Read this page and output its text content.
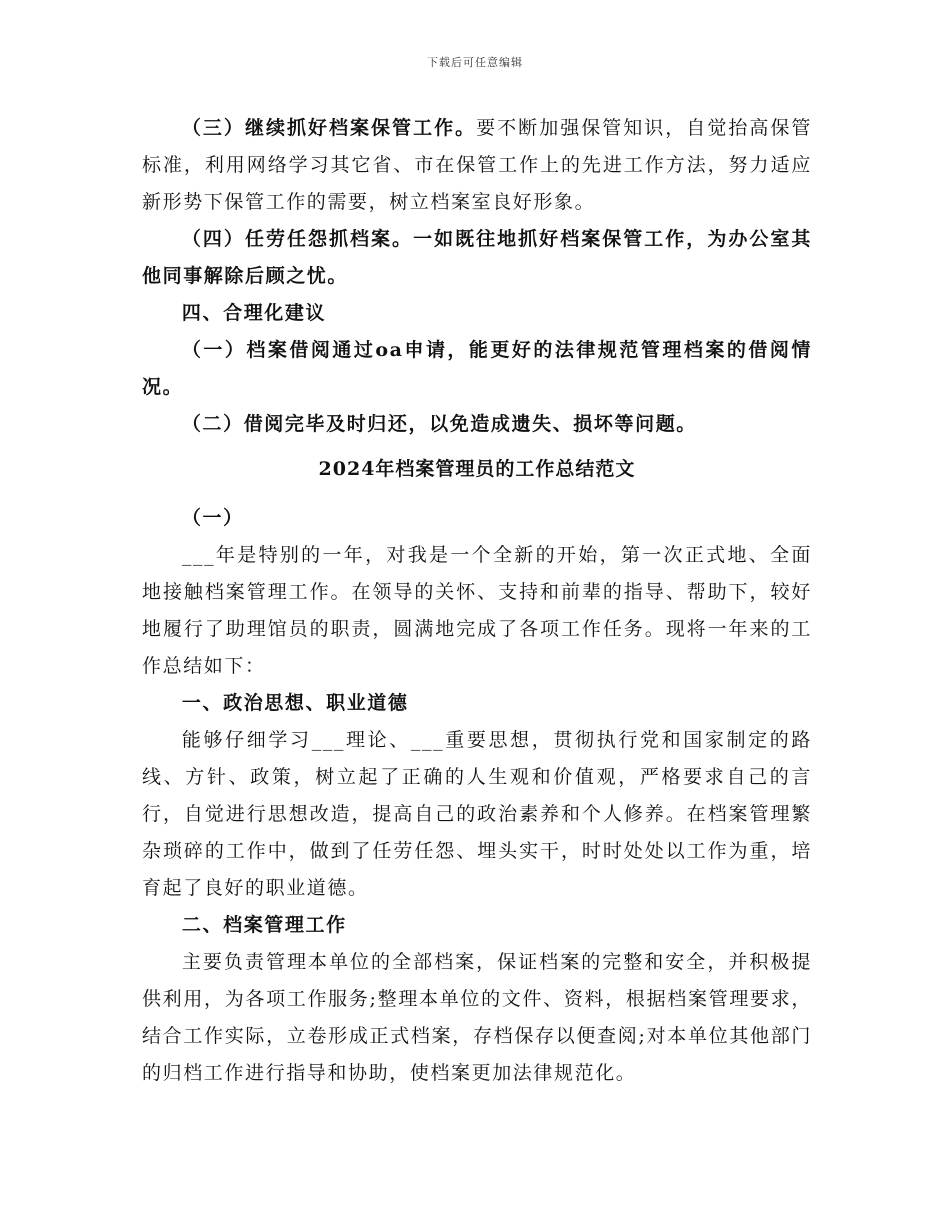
下载后可任意编辑

（三）继续抓好档案保管工作。要不断加强保管知识，自觉抬高保管标准，利用网络学习其它省、市在保管工作上的先进工作方法，努力适应新形势下保管工作的需要，树立档案室良好形象。

（四）任劳任怨抓档案。一如既往地抓好档案保管工作，为办公室其他同事解除后顾之忧。

四、合理化建议

（一）档案借阅通过oa申请，能更好的法律规范管理档案的借阅情况。

（二）借阅完毕及时归还，以免造成遗失、损坏等问题。

2024年档案管理员的工作总结范文

（一）

___年是特别的一年，对我是一个全新的开始，第一次正式地、全面地接触档案管理工作。在领导的关怀、支持和前辈的指导、帮助下，较好地履行了助理馆员的职责，圆满地完成了各项工作任务。现将一年来的工作总结如下：

一、政治思想、职业道德

能够仔细学习___理论、___重要思想，贯彻执行党和国家制定的路线、方针、政策，树立起了正确的人生观和价值观，严格要求自己的言行，自觉进行思想改造，提高自己的政治素养和个人修养。在档案管理繁杂琐碎的工作中，做到了任劳任怨、埋头实干，时时处处以工作为重，培育起了良好的职业道德。

二、档案管理工作

主要负责管理本单位的全部档案，保证档案的完整和安全，并积极提供利用，为各项工作服务;整理本单位的文件、资料，根据档案管理要求，结合工作实际，立卷形成正式档案，存档保存以便查阅;对本单位其他部门的归档工作进行指导和协助，使档案更加法律规范化。
